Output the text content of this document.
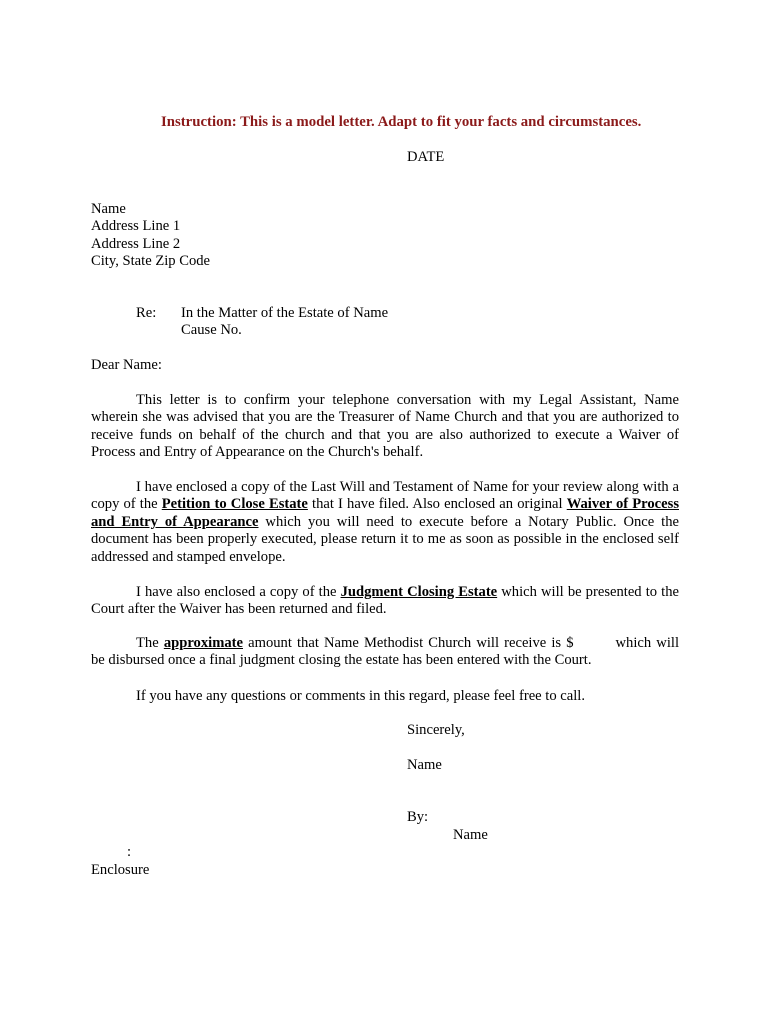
Instruction: This is a model letter. Adapt to fit your facts and circumstances.
DATE
Name
Address Line 1
Address Line 2
City, State Zip Code
Re: In the Matter of the Estate of Name
Cause No.
Dear Name:
This letter is to confirm your telephone conversation with my Legal Assistant, Name wherein she was advised that you are the Treasurer of Name Church and that you are authorized to receive funds on behalf of the church and that you are also authorized to execute a Waiver of Process and Entry of Appearance on the Church's behalf.
I have enclosed a copy of the Last Will and Testament of Name for your review along with a copy of the Petition to Close Estate that I have filed. Also enclosed an original Waiver of Process and Entry of Appearance which you will need to execute before a Notary Public. Once the document has been properly executed, please return it to me as soon as possible in the enclosed self addressed and stamped envelope.
I have also enclosed a copy of the Judgment Closing Estate which will be presented to the Court after the Waiver has been returned and filed.
The approximate amount that Name Methodist Church will receive is $	which will be disbursed once a final judgment closing the estate has been entered with the Court.
If you have any questions or comments in this regard, please feel free to call.
Sincerely,
Name
By:
Name
:
Enclosure
